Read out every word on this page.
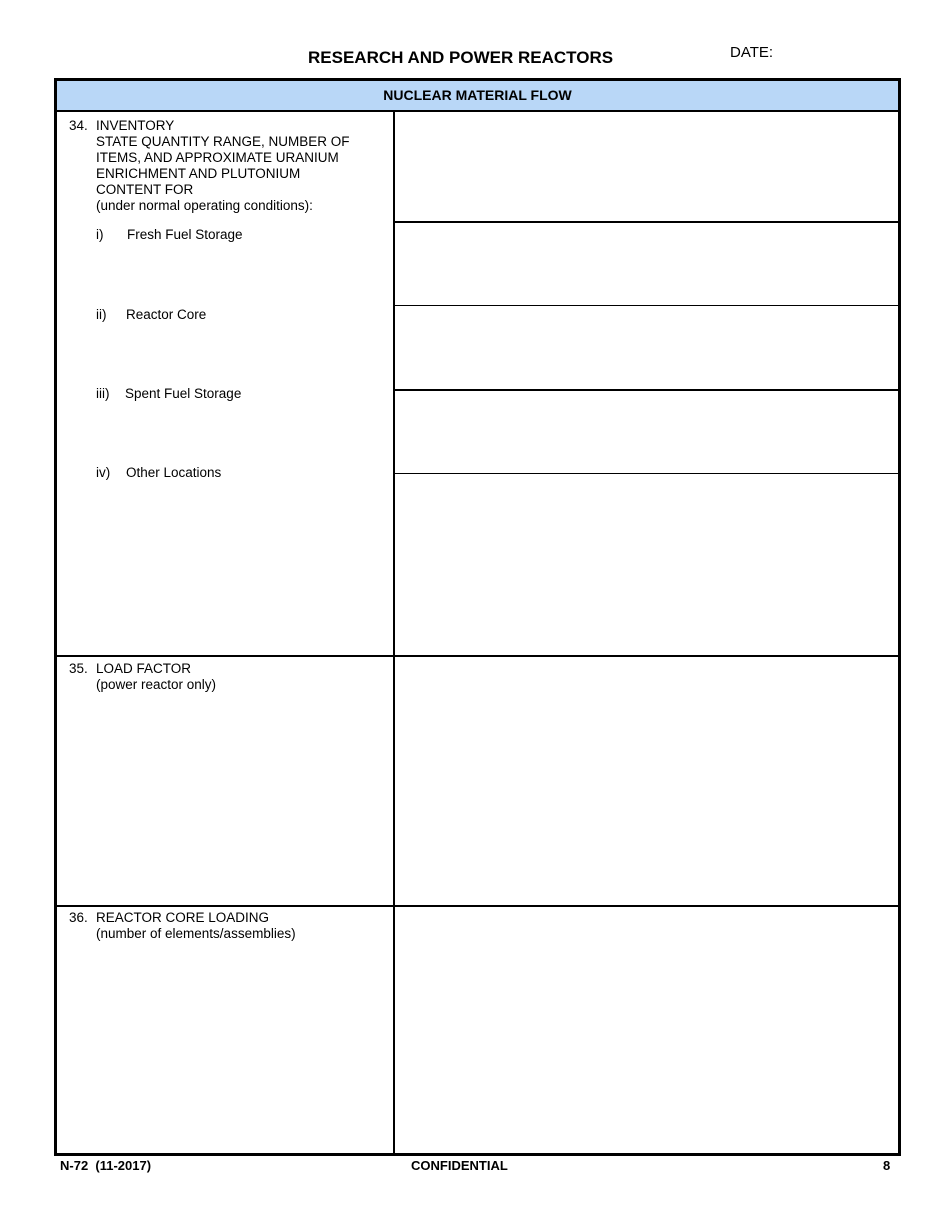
RESEARCH AND POWER REACTORS	DATE:
NUCLEAR MATERIAL FLOW
34. INVENTORY
STATE QUANTITY RANGE, NUMBER OF
ITEMS, AND APPROXIMATE URANIUM
ENRICHMENT AND PLUTONIUM
CONTENT FOR
(under normal operating conditions):
i) Fresh Fuel Storage
ii) Reactor Core
iii) Spent Fuel Storage
iv) Other Locations
35. LOAD FACTOR
(power reactor only)
36. REACTOR CORE LOADING
(number of elements/assemblies)
N-72  (11-2017)	CONFIDENTIAL	8
